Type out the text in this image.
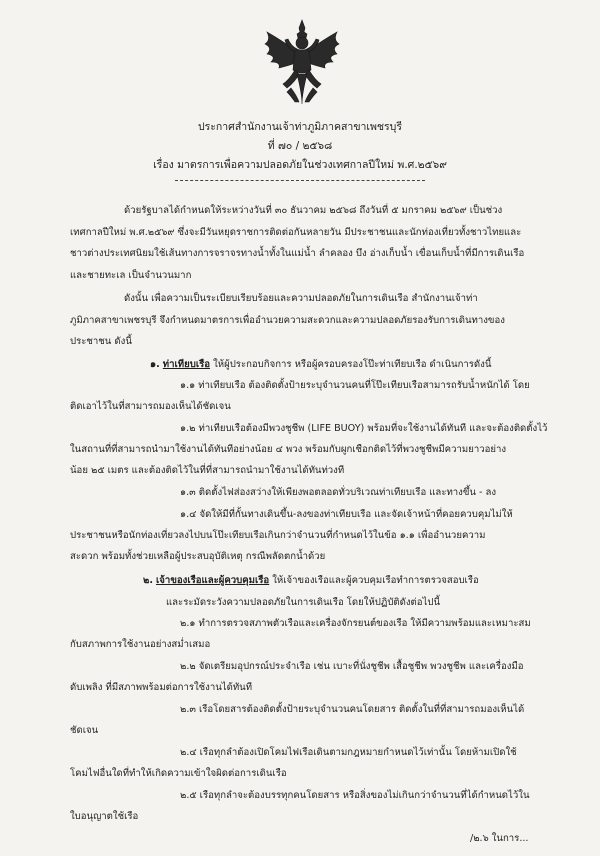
ประกาศสำนักงานเจ้าท่าภูมิภาคสาขาเพชรบุรี
ที่ ๗๐ / ๒๕๖๘
เรื่อง มาตรการเพื่อความปลอดภัยในช่วงเทศกาลปีใหม่ พ.ศ.๒๕๖๙
ด้วยรัฐบาลได้กำหนดให้ระหว่างวันที่ ๓๐ ธันวาคม ๒๕๖๘ ถึงวันที่ ๕ มกราคม ๒๕๖๙ เป็นช่วง
เทศกาลปีใหม่ พ.ศ.๒๕๖๙ ซึ่งจะมีวันหยุดราชการติดต่อกันหลายวัน มีประชาชนและนักท่องเที่ยวทั้งชาวไทยและ
ชาวต่างประเทศนิยมใช้เส้นทางการจราจรทางน้ำทั้งในแม่น้ำ ลำคลอง บึง อ่างเก็บน้ำ เขื่อนเก็บน้ำที่มีการเดินเรือ
และชายทะเล เป็นจำนวนมาก
ดังนั้น เพื่อความเป็นระเบียบเรียบร้อยและความปลอดภัยในการเดินเรือ สำนักงานเจ้าท่า
ภูมิภาคสาขาเพชรบุรี จึงกำหนดมาตรการเพื่ออำนวยความสะดวกและความปลอดภัยรองรับการเดินทางของ
ประชาชน ดังนี้
๑. ท่าเทียบเรือ ให้ผู้ประกอบกิจการ หรือผู้ครอบครองโป๊ะท่าเทียบเรือ ดำเนินการดังนี้
๑.๑ ท่าเทียบเรือ ต้องติดตั้งป้ายระบุจำนวนคนที่โป๊ะเทียบเรือสามารถรับน้ำหนักได้ โดย
ติดเอาไว้ในที่สามารถมองเห็นได้ชัดเจน
๑.๒ ท่าเทียบเรือต้องมีพวงชูชีพ (LIFE BUOY) พร้อมที่จะใช้งานได้ทันที และจะต้องติดตั้งไว้
ในสถานที่ที่สามารถนำมาใช้งานได้ทันทีอย่างน้อย ๔ พวง พร้อมกับผูกเชือกติดไว้ที่พวงชูชีพมีความยาวอย่าง
น้อย ๒๕ เมตร และต้องติดไว้ในที่ที่สามารถนำมาใช้งานได้ทันท่วงที
๑.๓ ติดตั้งไฟส่องสว่างให้เพียงพอตลอดทั่วบริเวณท่าเทียบเรือ และทางขึ้น - ลง
๑.๔ จัดให้มีที่กั้นทางเดินขึ้น-ลงของท่าเทียบเรือ และจัดเจ้าหน้าที่คอยควบคุมไม่ให้
ประชาชนหรือนักท่องเที่ยวลงไปบนโป๊ะเทียบเรือเกินกว่าจำนวนที่กำหนดไว้ในข้อ ๑.๑ เพื่ออำนวยความ
สะดวก พร้อมทั้งช่วยเหลือผู้ประสบอุบัติเหตุ กรณีพลัดตกน้ำด้วย
๒. เจ้าของเรือและผู้ควบคุมเรือ ให้เจ้าของเรือและผู้ควบคุมเรือทำการตรวจสอบเรือ
และระมัดระวังความปลอดภัยในการเดินเรือ โดยให้ปฏิบัติดังต่อไปนี้
๒.๑ ทำการตรวจสภาพตัวเรือและเครื่องจักรยนต์ของเรือ ให้มีความพร้อมและเหมาะสม
กับสภาพการใช้งานอย่างสม่ำเสมอ
๒.๒ จัดเตรียมอุปกรณ์ประจำเรือ เช่น เบาะที่นั่งชูชีพ เสื้อชูชีพ พวงชูชีพ และเครื่องมือ
ดับเพลิง ที่มีสภาพพร้อมต่อการใช้งานได้ทันที
๒.๓ เรือโดยสารต้องติดตั้งป้ายระบุจำนวนคนโดยสาร ติดตั้งในที่ที่สามารถมองเห็นได้
ชัดเจน
๒.๔ เรือทุกลำต้องเปิดโคมไฟเรือเดินตามกฎหมายกำหนดไว้เท่านั้น โดยห้ามเปิดใช้
โคมไฟอื่นใดที่ทำให้เกิดความเข้าใจผิดต่อการเดินเรือ
๒.๕ เรือทุกลำจะต้องบรรทุกคนโดยสาร หรือสิ่งของไม่เกินกว่าจำนวนที่ได้กำหนดไว้ใน
ใบอนุญาตใช้เรือ
/๒.๖ ในการ...
